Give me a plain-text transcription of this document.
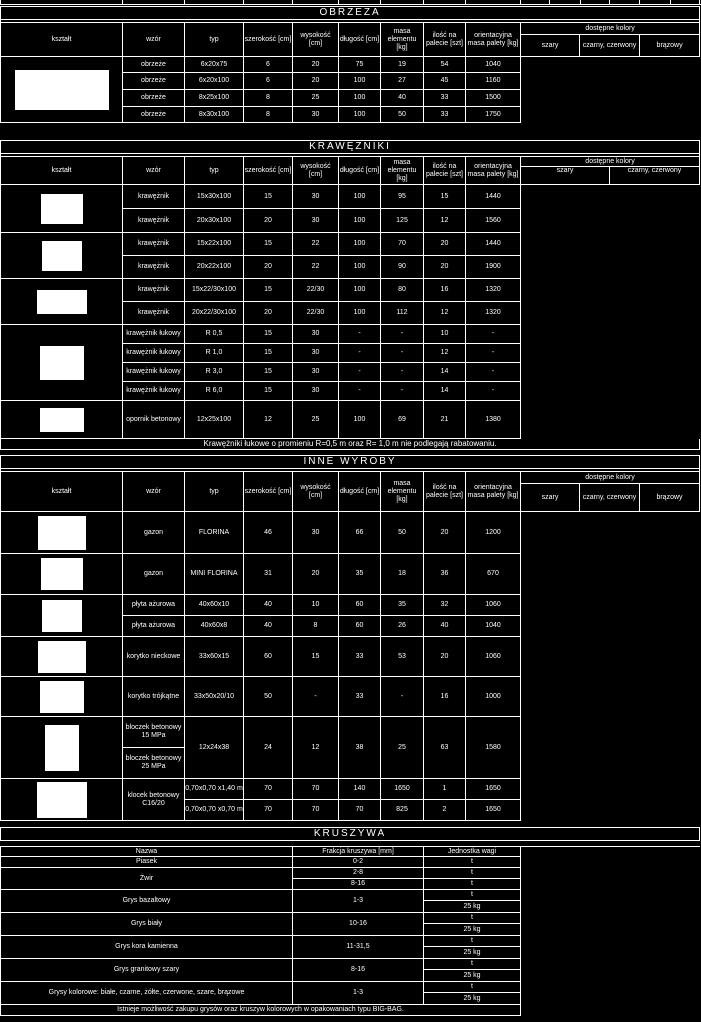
OBRZEŻA											

kształt	wzór	typ	szerokość [cm]	wysokość [cm]	długość [cm]	masa elementu [kg]	ilość na palecie [szt]	orientacyjna masa palety [kg]	dostępne kolory		
									szary	czarny, czerwony	brązowy

	obrzeże	6x20x75	6	20	75	19	54	1040			
	obrzeże	6x20x100	6	20	100	27	45	1160			
	obrzeże	8x25x100	8	25	100	40	33	1500			
	obrzeże	8x30x100	8	30	100	50	33	1750			
KRAWĘŻNIKI										

kształt	wzór	typ	szerokość [cm]	wysokość [cm]	długość [cm]	masa elementu [kg]	ilość na palecie [szt]	orientacyjna masa palety [kg]	dostępne kolory	
									szary	czarny, czerwony

	krawężnik	15x30x100	15	30	100	95	15	1440		
	krawężnik	20x30x100	20	30	100	125	12	1560		

	krawężnik	15x22x100	15	22	100	70	20	1440		
	krawężnik	20x22x100	20	22	100	90	20	1900		

	krawężnik	15x22/30x100	15	22/30	100	80	16	1320		
	krawężnik	20x22/30x100	20	22/30	100	112	12	1320		

	krawężnik łukowy	R 0,5	15	30	-	-	10	-		
	krawężnik łukowy	R 1,0	15	30	-	-	12	-		
	krawężnik łukowy	R 3,0	15	30	-	-	14	-		
	krawężnik łukowy	R 6,0	15	30	-	-	14	-		

	opornik betonowy	12x25x100	12	25	100	69	21	1380		
Krawężniki łukowe o promieniu R=0,5 m oraz R= 1,0 m nie podlegają rabatowaniu.										
INNE WYROBY											

kształt	wzór	typ	szerokość [cm]	wysokość [cm]	długość [cm]	masa elementu [kg]	ilość na palecie [szt]	orientacyjna masa palety [kg]	dostępne kolory		
									szary	czarny, czerwony	brązowy

	gazon	FLORINA	46	30	66	50	20	1200			

	gazon	MINI FLORINA	31	20	35	18	36	670			

	płyta ażurowa	40x60x10	40	10	60	35	32	1060			
	płyta ażurowa	40x60x8	40	8	60	26	40	1040			

	korytko nieckowe	33x60x15	60	15	33	53	20	1060			

	korytko trójkątne	33x50x20/10	50	-	33	-	16	1000			

	bloczek betonowy 15 MPa	12x24x38	24	12	38	25	63	1580			
	bloczek betonowy 25 MPa										

	klocek betonowy C16/20	0,70x0,70 x1,40 m	70	70	140	1650	1	1650			
		0,70x0,70 x0,70 m	70	70	70	825	2	1650			
KRUSZYWA			

Nazwa	Frakcja kruszywa [mm]	Jednostka wagi	
Piasek	0-2	t	
Żwir	2-8	t	
	8-16	t	
Grys bazaltowy	1-3	t	
		25 kg	
Grys biały	10-16	t	
		25 kg	
Grys kora kamienna	11-31,5	t	
		25 kg	
Grys granitowy szary	8-16	t	
		25 kg	
Grysy kolorowe: białe, czarne, żółte, czerwone, szare, brązowe	1-3	t	
		25 kg	
Istnieje możliwość zakupu grysów oraz kruszyw kolorowych w opakowaniach typu BIG-BAG.			
